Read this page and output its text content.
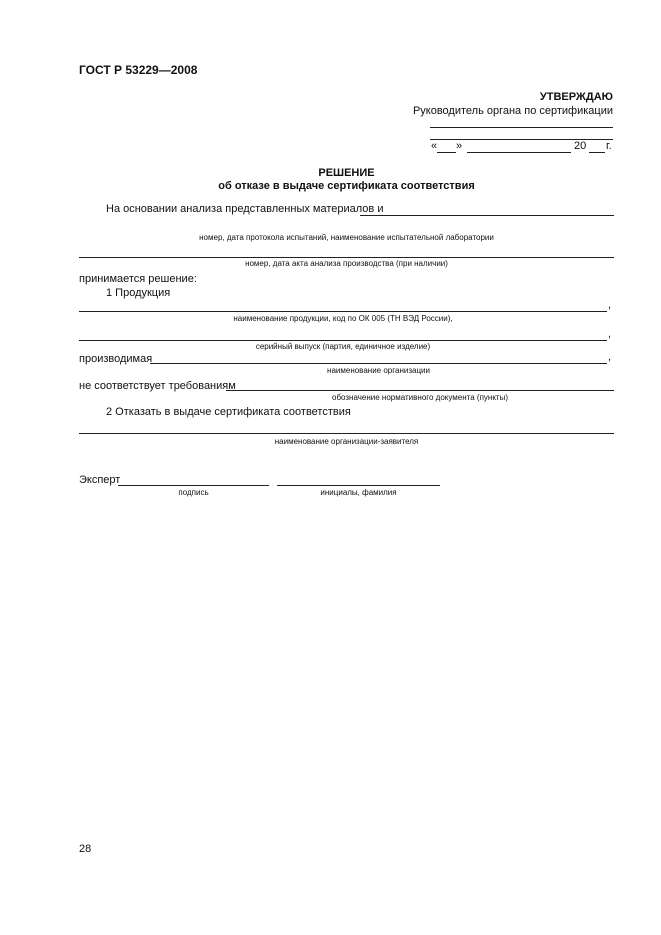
ГОСТ Р 53229—2008
УТВЕРЖДАЮ
Руководитель органа по сертификации
« »	20 г.
РЕШЕНИЕ
об отказе в выдаче сертификата соответствия
На основании анализа представленных материалов и
номер, дата протокола испытаний, наименование испытательной лаборатории
номер, дата акта анализа производства (при наличии)
принимается решение:
1 Продукция
,
наименование продукции, код по ОК 005 (ТН ВЭД России),
,
серийный выпуск (партия, единичное изделие)
производимая	,
наименование организации
не соответствует требованиям
обозначение нормативного документа (пункты)
2 Отказать в выдаче сертификата соответствия
наименование организации-заявителя
Эксперт
подпись	инициалы, фамилия
28
